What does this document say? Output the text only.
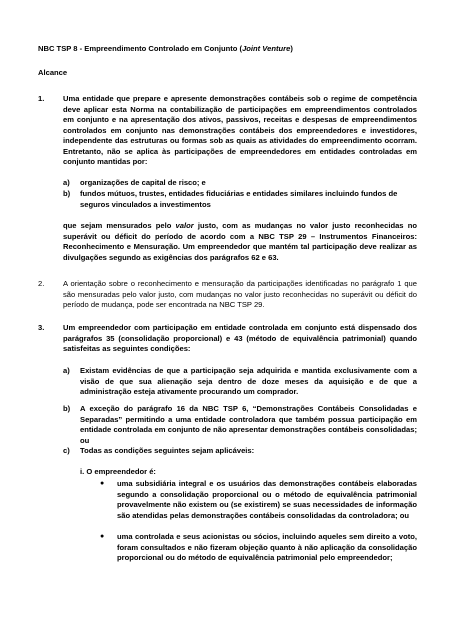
NBC TSP 8 - Empreendimento Controlado em Conjunto (Joint Venture)
Alcance
1.	Uma entidade que prepare e apresente demonstrações contábeis sob o regime de competência deve aplicar esta Norma na contabilização de participações em empreendimentos controlados em conjunto e na apresentação dos ativos, passivos, receitas e despesas de empreendimentos controlados em conjunto nas demonstrações contábeis dos empreendedores e investidores, independente das estruturas ou formas sob as quais as atividades do empreendimento ocorram. Entretanto, não se aplica às participações de empreendedores em entidades controladas em conjunto mantidas por:
a)	organizações de capital de risco; e
b)	fundos mútuos, trustes, entidades fiduciárias e entidades similares incluindo fundos de seguros vinculados a investimentos
que sejam mensurados pelo valor justo, com as mudanças no valor justo reconhecidas no superávit ou déficit do período de acordo com a NBC TSP 29 – Instrumentos Financeiros: Reconhecimento e Mensuração. Um empreendedor que mantém tal participação deve realizar as divulgações segundo as exigências dos parágrafos 62 e 63.
2.	A orientação sobre o reconhecimento e mensuração da participações identificadas no parágrafo 1 que são mensuradas pelo valor justo, com mudanças no valor justo reconhecidas no superávit ou déficit do período de mudança, pode ser encontrada na NBC TSP 29.
3.	Um empreendedor com participação em entidade controlada em conjunto está dispensado dos parágrafos 35 (consolidação proporcional) e 43 (método de equivalência patrimonial) quando satisfeitas as seguintes condições:
a)	Existam evidências de que a participação seja adquirida e mantida exclusivamente com a visão de que sua alienação seja dentro de doze meses da aquisição e de que a administração esteja ativamente procurando um comprador.
b)	A exceção do parágrafo 16 da NBC TSP 6, “Demonstrações Contábeis Consolidadas e Separadas” permitindo a uma entidade controladora que também possua participação em entidade controlada em conjunto de não apresentar demonstrações contábeis consolidadas; ou
c)	Todas as condições seguintes sejam aplicáveis:
i. O empreendedor é:
● uma subsidiária integral e os usuários das demonstrações contábeis elaboradas segundo a consolidação proporcional ou o método de equivalência patrimonial provavelmente não existem ou (se existirem) se suas necessidades de informação são atendidas pelas demonstrações contábeis consolidadas da controladora; ou
● uma controlada e seus acionistas ou sócios, incluindo aqueles sem direito a voto, foram consultados e não fizeram objeção quanto à não aplicação da consolidação proporcional ou do método de equivalência patrimonial pelo empreendedor;
